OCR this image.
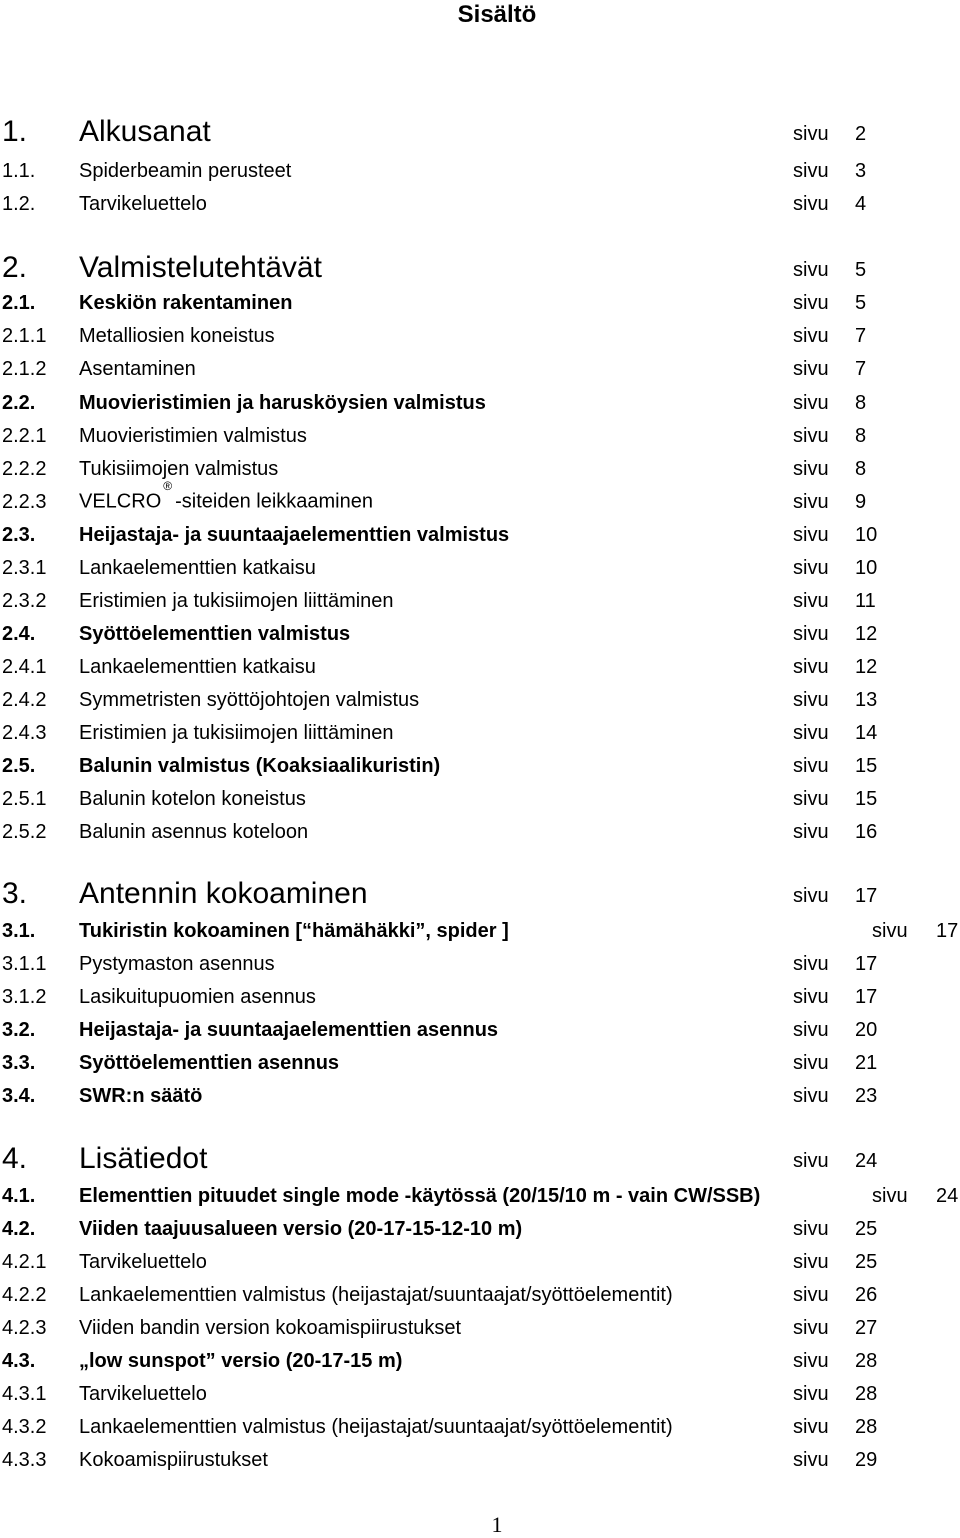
Sisältö
1. Alkusanat	sivu 2
1.1. Spiderbeamin perusteet	sivu 3
1.2. Tarvikeluettelo	sivu 4
2. Valmistelutehtävät	sivu 5
2.1. Keskiön rakentaminen	sivu 5
2.1.1 Metalliosien koneistus	sivu 7
2.1.2 Asentaminen	sivu 7
2.2. Muovieristimien ja harusköysien valmistus	sivu 8
2.2.1 Muovieristimien valmistus	sivu 8
2.2.2 Tukisiimojen valmistus	sivu 8
2.2.3 VELCRO®-siteiden leikkaaminen	sivu 9
2.3. Heijastaja- ja suuntaajaelementtien valmistus	sivu 10
2.3.1 Lankaelementtien katkaisu	sivu 10
2.3.2 Eristimien ja tukisiimojen liittäminen	sivu 11
2.4. Syöttöelementtien valmistus	sivu 12
2.4.1 Lankaelementtien katkaisu	sivu 12
2.4.2 Symmetristen syöttöjohtojen valmistus	sivu 13
2.4.3 Eristimien ja tukisiimojen liittäminen	sivu 14
2.5. Balunin valmistus (Koaksiaalikuristin)	sivu 15
2.5.1 Balunin kotelon koneistus	sivu 15
2.5.2 Balunin asennus koteloon	sivu 16
3. Antennin kokoaminen	sivu 17
3.1. Tukiristin kokoaminen [“hämähäkki”, spider ]	sivu 17
3.1.1 Pystymaston asennus	sivu 17
3.1.2 Lasikuitupuomien asennus	sivu 17
3.2. Heijastaja- ja suuntaajaelementtien asennus	sivu 20
3.3. Syöttöelementtien asennus	sivu 21
3.4. SWR:n säätö	sivu 23
4. Lisätiedot	sivu 24
4.1. Elementtien pituudet single mode -käytössä (20/15/10 m - vain CW/SSB)	sivu 24
4.2. Viiden taajuusalueen versio (20-17-15-12-10 m)	sivu 25
4.2.1 Tarvikeluettelo	sivu 25
4.2.2 Lankaelementtien valmistus (heijastajat/suuntaajat/syöttöelementit)	sivu 26
4.2.3 Viiden bandin version kokoamispiirustukset	sivu 27
4.3. „low sunspot” versio (20-17-15 m)	sivu 28
4.3.1 Tarvikeluettelo	sivu 28
4.3.2 Lankaelementtien valmistus (heijastajat/suuntaajat/syöttöelementit)	sivu 28
4.3.3 Kokoamispiirustukset	sivu 29
1
